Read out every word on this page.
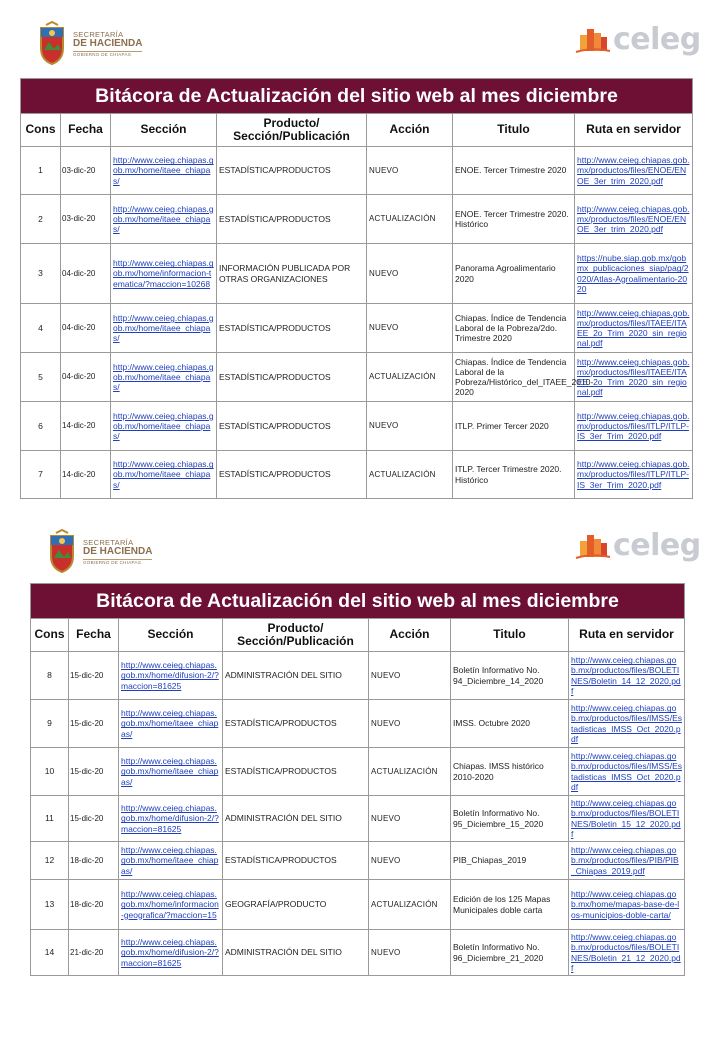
SECRETARÍA
DE HACIENDA
GOBIERNO DE CHIAPAS	celeg
Bitácora de Actualización del sitio web al mes diciembre						
Cons	Fecha	Sección	Producto/ Sección/Publicación	Acción	Titulo	Ruta en servidor
1	03-dic-20	http://www.ceieg.chiapas.gob.mx/home/itaee_chiapas/	ESTADÍSTICA/PRODUCTOS	NUEVO	ENOE. Tercer Trimestre 2020	http://www.ceieg.chiapas.gob.mx/productos/files/ENOE/ENOE_3er_trim_2020.pdf
2	03-dic-20	http://www.ceieg.chiapas.gob.mx/home/itaee_chiapas/	ESTADÍSTICA/PRODUCTOS	ACTUALIZACIÓN	ENOE. Tercer Trimestre 2020. Histórico	http://www.ceieg.chiapas.gob.mx/productos/files/ENOE/ENOE_3er_trim_2020.pdf
3	04-dic-20	http://www.ceieg.chiapas.gob.mx/home/informacion-tematica/?maccion=10268	INFORMACIÓN PUBLICADA POR OTRAS ORGANIZACIONES	NUEVO	Panorama Agroalimentario 2020	https://nube.siap.gob.mx/gobmx_publicaciones_siap/pag/2020/Atlas-Agroalimentario-2020
4	04-dic-20	http://www.ceieg.chiapas.gob.mx/home/itaee_chiapas/	ESTADÍSTICA/PRODUCTOS	NUEVO	Chiapas. Índice de Tendencia Laboral de la Pobreza/2do. Trimestre 2020	http://www.ceieg.chiapas.gob.mx/productos/files/ITAEE/ITAEE_2o_Trim_2020_sin_regional.pdf
5	04-dic-20	http://www.ceieg.chiapas.gob.mx/home/itaee_chiapas/	ESTADÍSTICA/PRODUCTOS	ACTUALIZACIÓN	Chiapas. Índice de Tendencia Laboral de la Pobreza/Histórico_del_ITAEE_2010-2020	http://www.ceieg.chiapas.gob.mx/productos/files/ITAEE/ITAEE_2o_Trim_2020_sin_regional.pdf
6	14-dic-20	http://www.ceieg.chiapas.gob.mx/home/itaee_chiapas/	ESTADÍSTICA/PRODUCTOS	NUEVO	ITLP. Primer Tercer 2020	http://www.ceieg.chiapas.gob.mx/productos/files/ITLP/ITLP-IS_3er_Trim_2020.pdf
7	14-dic-20	http://www.ceieg.chiapas.gob.mx/home/itaee_chiapas/	ESTADÍSTICA/PRODUCTOS	ACTUALIZACIÓN	ITLP. Tercer Trimestre 2020. Histórico	http://www.ceieg.chiapas.gob.mx/productos/files/ITLP/ITLP-IS_3er_Trim_2020.pdf
SECRETARÍA
DE HACIENDA
GOBIERNO DE CHIAPAS	celeg
Bitácora de Actualización del sitio web al mes diciembre						
Cons	Fecha	Sección	Producto/ Sección/Publicación	Acción	Titulo	Ruta en servidor
8	15-dic-20	http://www.ceieg.chiapas.gob.mx/home/difusion-2/?maccion=81625	ADMINISTRACIÓN DEL SITIO	NUEVO	Boletín Informativo No. 94_Diciembre_14_2020	http://www.ceieg.chiapas.gob.mx/productos/files/BOLETINES/Boletin_14_12_2020.pdf
9	15-dic-20	http://www.ceieg.chiapas.gob.mx/home/itaee_chiapas/	ESTADÍSTICA/PRODUCTOS	NUEVO	IMSS. Octubre 2020	http://www.ceieg.chiapas.gob.mx/productos/files/IMSS/Estadisticas_IMSS_Oct_2020.pdf
10	15-dic-20	http://www.ceieg.chiapas.gob.mx/home/itaee_chiapas/	ESTADÍSTICA/PRODUCTOS	ACTUALIZACIÓN	Chiapas. IMSS histórico 2010-2020	http://www.ceieg.chiapas.gob.mx/productos/files/IMSS/Estadisticas_IMSS_Oct_2020.pdf
11	15-dic-20	http://www.ceieg.chiapas.gob.mx/home/difusion-2/?maccion=81625	ADMINISTRACIÓN DEL SITIO	NUEVO	Boletín Informativo No. 95_Diciembre_15_2020	http://www.ceieg.chiapas.gob.mx/productos/files/BOLETINES/Boletin_15_12_2020.pdf
12	18-dic-20	http://www.ceieg.chiapas.gob.mx/home/itaee_chiapas/	ESTADÍSTICA/PRODUCTOS	NUEVO	PIB_Chiapas_2019	http://www.ceieg.chiapas.gob.mx/productos/files/PIB/PIB_Chiapas_2019.pdf
13	18-dic-20	http://www.ceieg.chiapas.gob.mx/home/informacion-geografica/?maccion=15	GEOGRAFÍA/PRODUCTO	ACTUALIZACIÓN	Edición de los 125 Mapas Municipales doble carta	http://www.ceieg.chiapas.gob.mx/home/mapas-base-de-los-municipios-doble-carta/
14	21-dic-20	http://www.ceieg.chiapas.gob.mx/home/difusion-2/?maccion=81625	ADMINISTRACIÓN DEL SITIO	NUEVO	Boletín Informativo No. 96_Diciembre_21_2020	http://www.ceieg.chiapas.gob.mx/productos/files/BOLETINES/Boletin_21_12_2020.pdf
